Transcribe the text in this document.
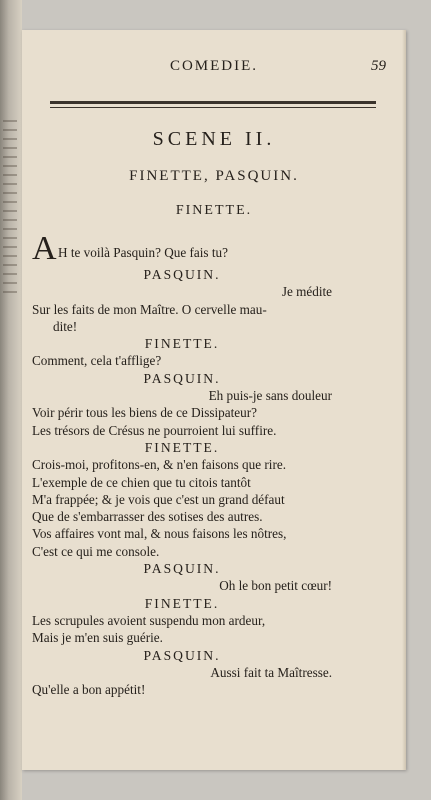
COMEDIE.	59
SCENE II.
FINETTE, PASQUIN.
FINETTE.
A H te voilà Pasquin? Que fais tu?
PASQUIN.
Je médite
Sur les faits de mon Maître. O cervelle mau-
dite!
FINETTE.
Comment, cela t'afflige?
PASQUIN.
Eh puis-je sans douleur
Voir périr tous les biens de ce Dissipateur?
Les trésors de Crésus ne pourroient lui suffire.
FINETTE.
Crois-moi, profitons-en, & n'en faisons que rire.
L'exemple de ce chien que tu citois tantôt
M'a frappée; & je vois que c'est un grand défaut
Que de s'embarrasser des sotises des autres.
Vos affaires vont mal, & nous faisons les nôtres,
C'est ce qui me console.
PASQUIN.
Oh le bon petit cœur!
FINETTE.
Les scrupules avoient suspendu mon ardeur,
Mais je m'en suis guérie.
PASQUIN.
Aussi fait ta Maîtresse.
Qu'elle a bon appétit!
